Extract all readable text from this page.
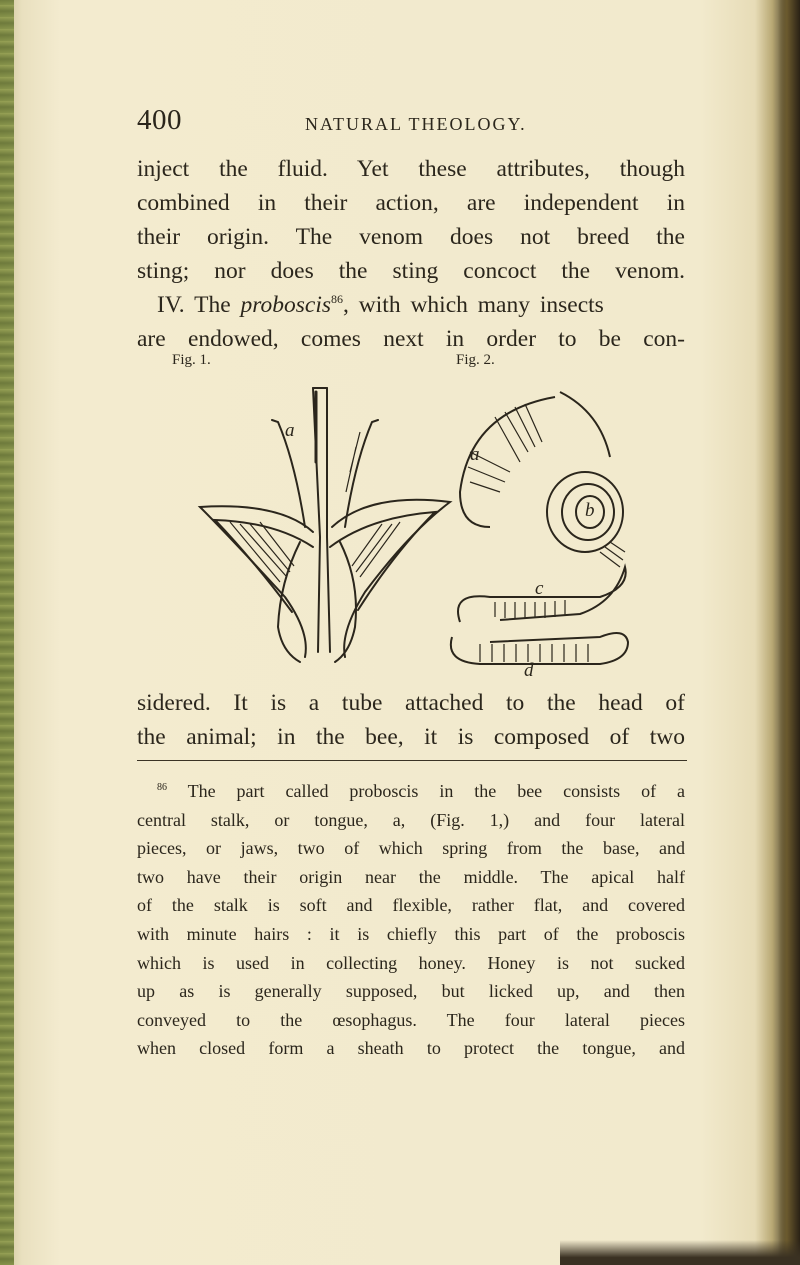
400	NATURAL THEOLOGY.
inject the fluid. Yet these attributes, though
combined in their action, are independent in
their origin. The venom does not breed the
sting; nor does the sting concoct the venom.
IV. The proboscis$^{86}$, with which many insects
are endowed, comes next in order to be con-
Fig. 1.	Fig. 2.
a
a
b
c
d
sidered. It is a tube attached to the head of
the animal; in the bee, it is composed of two
$^{86}$ The part called proboscis in the bee consists of a
central stalk, or tongue, a, (Fig. 1,) and four lateral
pieces, or jaws, two of which spring from the base, and
two have their origin near the middle. The apical half
of the stalk is soft and flexible, rather flat, and covered
with minute hairs : it is chiefly this part of the proboscis
which is used in collecting honey. Honey is not sucked
up as is generally supposed, but licked up, and then
conveyed to the œsophagus. The four lateral pieces
when closed form a sheath to protect the tongue, and
